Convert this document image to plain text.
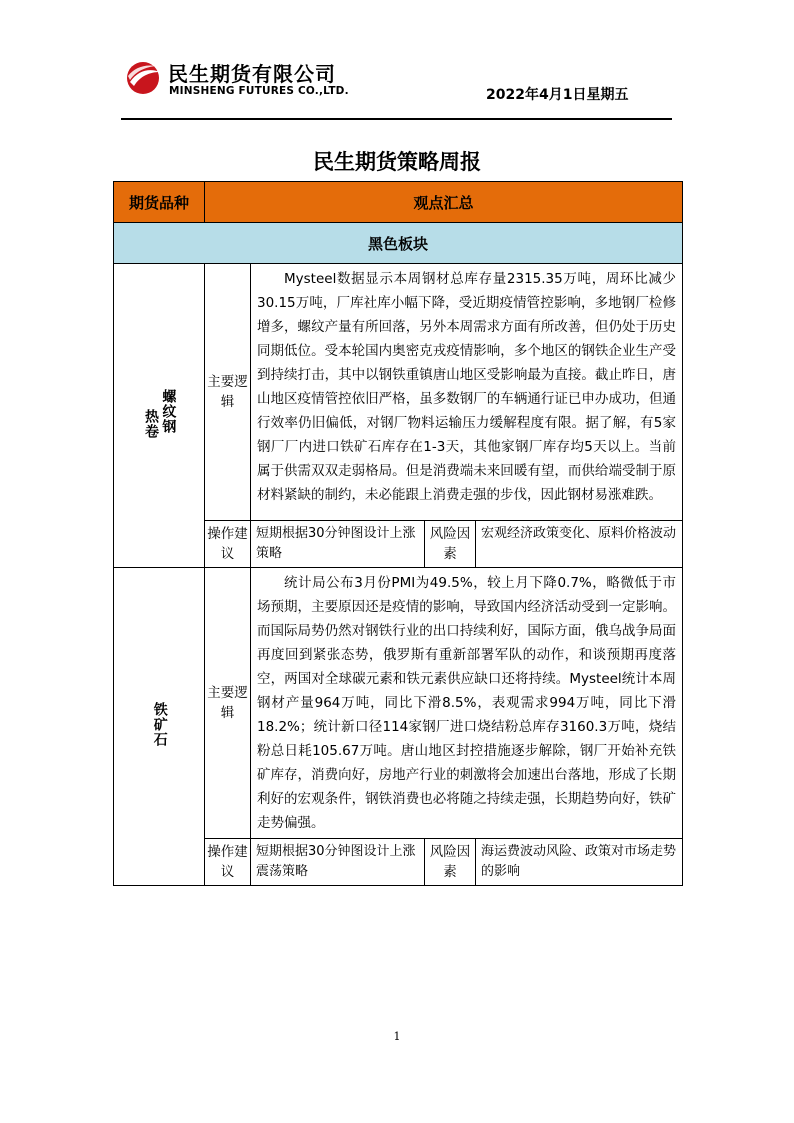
民生期货有限公司
MINSHENG FUTURES CO.,LTD.	2022年4月1日星期五
民生期货策略周报
期货品种	观点汇总			
黑色板块				

螺纹钢
热卷	主要逻辑	Mysteel数据显示本周钢材总库存量2315.35万吨，周环比减少30.15万吨，厂库社库小幅下降，受近期疫情管控影响，多地钢厂检修增多，螺纹产量有所回落，另外本周需求方面有所改善，但仍处于历史同期低位。受本轮国内奥密克戎疫情影响，多个地区的钢铁企业生产受到持续打击，其中以钢铁重镇唐山地区受影响最为直接。截止昨日，唐山地区疫情管控依旧严格，虽多数钢厂的车辆通行证已申办成功，但通行效率仍旧偏低，对钢厂物料运输压力缓解程度有限。据了解，有5家钢厂厂内进口铁矿石库存在1-3天，其他家钢厂库存均5天以上。当前属于供需双双走弱格局。但是消费端未来回暖有望，而供给端受制于原材料紧缺的制约，未必能跟上消费走强的步伐，因此钢材易涨难跌。		
	操作建议	短期根据30分钟图设计上涨策略	风险因素	宏观经济政策变化、原料价格波动
铁矿石	主要逻辑	统计局公布3月份PMI为49.5%，较上月下降0.7%，略微低于市场预期，主要原因还是疫情的影响，导致国内经济活动受到一定影响。而国际局势仍然对钢铁行业的出口持续利好，国际方面，俄乌战争局面再度回到紧张态势，俄罗斯有重新部署军队的动作，和谈预期再度落空，两国对全球碳元素和铁元素供应缺口还将持续。Mysteel统计本周钢材产量964万吨，同比下滑8.5%，表观需求994万吨，同比下滑18.2%；统计新口径114家钢厂进口烧结粉总库存3160.3万吨，烧结粉总日耗105.67万吨。唐山地区封控措施逐步解除，钢厂开始补充铁矿库存，消费向好，房地产行业的刺激将会加速出台落地，形成了长期利好的宏观条件，钢铁消费也必将随之持续走强，长期趋势向好，铁矿走势偏强。		
	操作建议	短期根据30分钟图设计上涨震荡策略	风险因素	海运费波动风险、政策对市场走势的影响
1
